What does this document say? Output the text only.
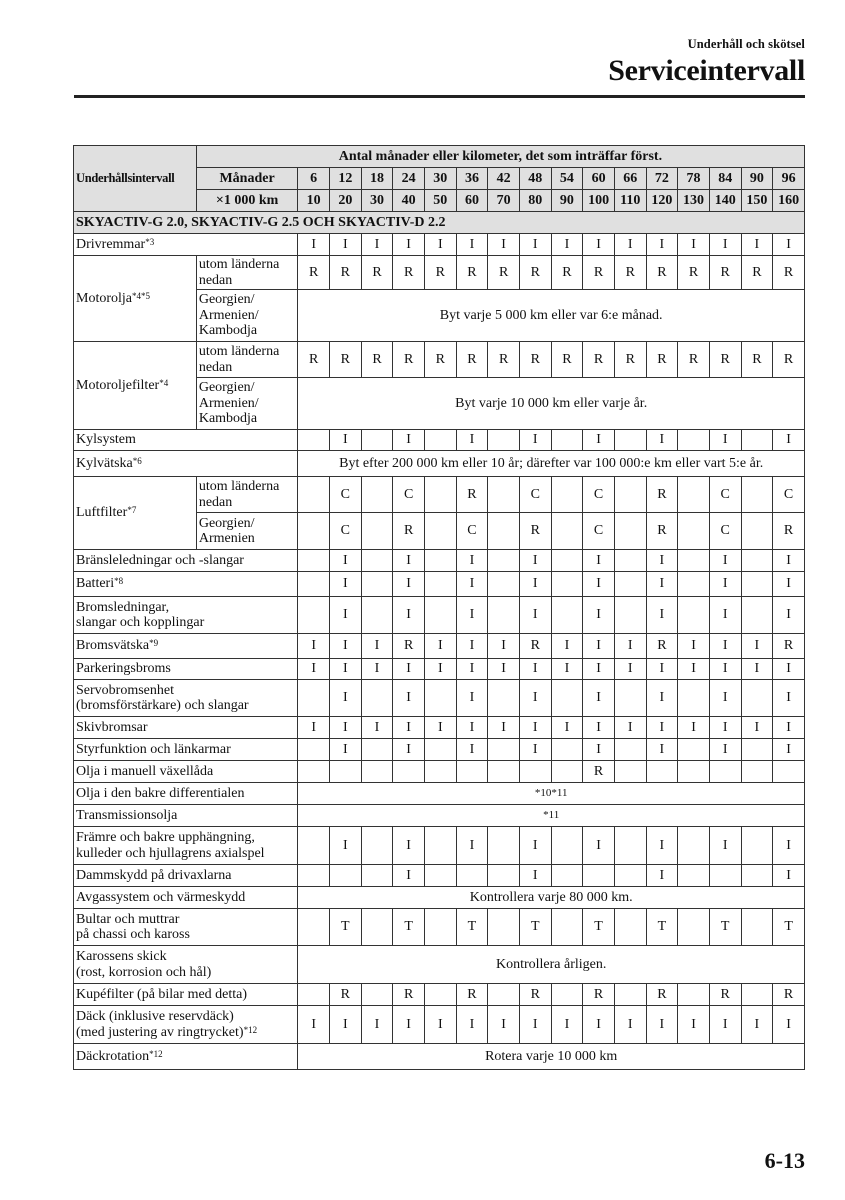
Underhåll och skötsel
Serviceintervall
Underhållsintervall	Antal månader eller kilometer, det som inträffar först.																
	Månader	6	12	18	24	30	36	42	48	54	60	66	72	78	84	90	96
	×1 000 km	10	20	30	40	50	60	70	80	90	100	110	120	130	140	150	160
SKYACTIV-G 2.0, SKYACTIV-G 2.5 OCH SKYACTIV-D 2.2																	
Drivremmar$^{*3}$		I	I	I	I	I	I	I	I	I	I	I	I	I	I	I	I
Motorolja$^{*4*5}$	utom länderna nedan	R	R	R	R	R	R	R	R	R	R	R	R	R	R	R	R
	Georgien/ Armenien/ Kambodja	Byt varje 5 000 km eller var 6:e månad.															
Motoroljefilter$^{*4}$	utom länderna nedan	R	R	R	R	R	R	R	R	R	R	R	R	R	R	R	R
	Georgien/ Armenien/ Kambodja	Byt varje 10 000 km eller varje år.															
Kylsystem			I		I		I		I		I		I		I		I
Kylvätska$^{*6}$		Byt efter 200 000 km eller 10 år; därefter var 100 000:e km eller vart 5:e år.															
Luftfilter$^{*7}$	utom länderna nedan		C		C		R		C		C		R		C		C
	Georgien/ Armenien		C		R		C		R		C		R		C		R
Bränsleledningar och -slangar			I		I		I		I		I		I		I		I
Batteri$^{*8}$			I		I		I		I		I		I		I		I
Bromsledningar,
slangar och kopplingar			I		I		I		I		I		I		I		I
Bromsvätska$^{*9}$		I	I	I	R	I	I	I	R	I	I	I	R	I	I	I	R
Parkeringsbroms		I	I	I	I	I	I	I	I	I	I	I	I	I	I	I	I
Servobromsenhet
(bromsförstärkare) och slangar			I		I		I		I		I		I		I		I
Skivbromsar		I	I	I	I	I	I	I	I	I	I	I	I	I	I	I	I
Styrfunktion och länkarmar			I		I		I		I		I		I		I		I
Olja i manuell växellåda											R						
Olja i den bakre differentialen		*10*11															
Transmissionsolja		*11															
Främre och bakre upphängning,
kulleder och hjullagrens axialspel			I		I		I		I		I		I		I		I
Dammskydd på drivaxlarna					I				I				I				I
Avgassystem och värmeskydd		Kontrollera varje 80 000 km.															
Bultar och muttrar
på chassi och kaross			T		T		T		T		T		T		T		T
Karossens skick
(rost, korrosion och hål)		Kontrollera årligen.															
Kupéfilter (på bilar med detta)			R		R		R		R		R		R		R		R
Däck (inklusive reservdäck)
(med justering av ringtrycket)$^{*12}$		I	I	I	I	I	I	I	I	I	I	I	I	I	I	I	I
Däckrotation$^{*12}$		Rotera varje 10 000 km															
6-13
